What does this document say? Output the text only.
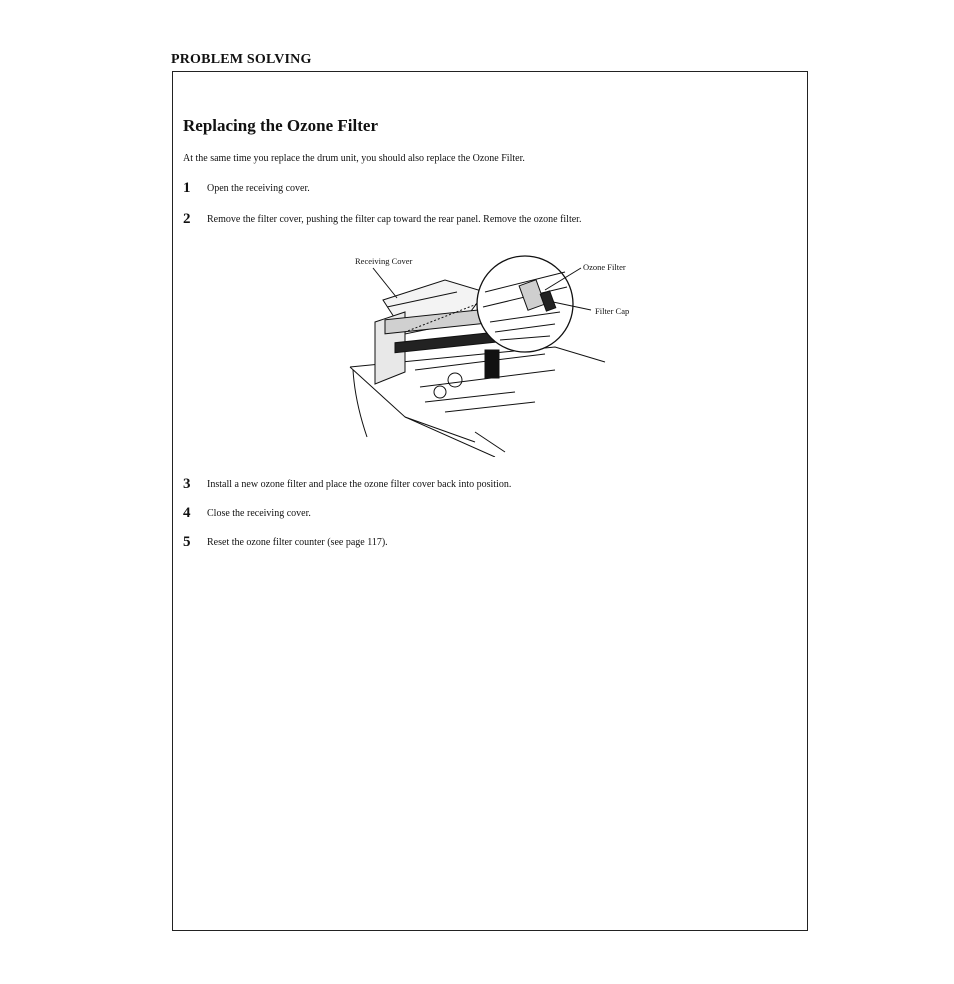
PROBLEM SOLVING
Replacing the Ozone Filter
At the same time you replace the drum unit, you should also replace the Ozone Filter.
1 Open the receiving cover.
2 Remove the filter cover, pushing the filter cap toward the rear panel. Remove the ozone filter.
Receiving Cover
Ozone Filter
Filter Cap
3 Install a new ozone filter and place the ozone filter cover back into position.
4 Close the receiving cover.
5 Reset the ozone filter counter (see page 117).
